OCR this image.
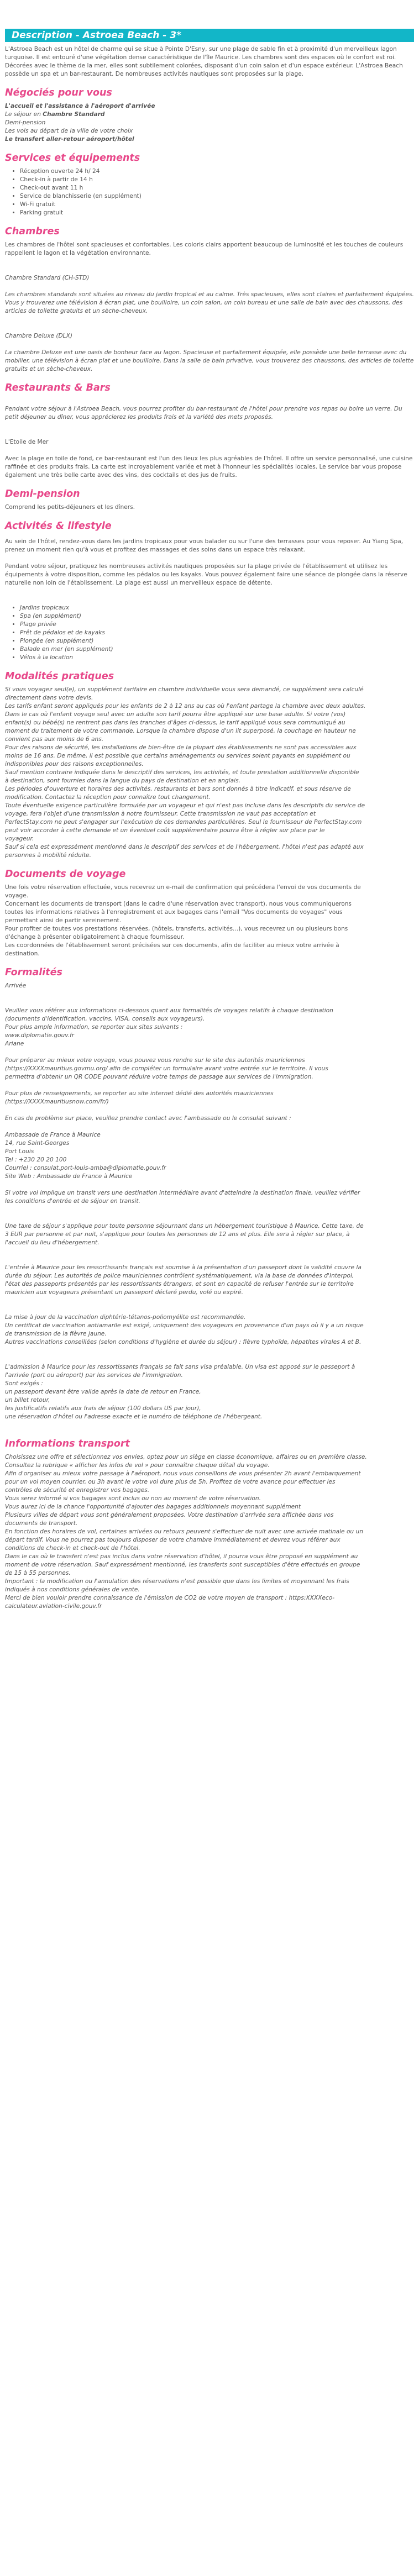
Description - Astroea Beach - 3*

L'Astroea Beach est un hôtel de charme qui se situe à Pointe D'Esny, sur une plage de sable fin et à proximité d'un merveilleux lagon turquoise. Il est entouré d'une végétation dense caractéristique de l'île Maurice. Les chambres sont des espaces où le confort est roi. Décorées avec le thème de la mer, elles sont subtilement colorées, disposant d'un coin salon et d'un espace extérieur. L'Astroea Beach possède un spa et un bar-restaurant. De nombreuses activités nautiques sont proposées sur la plage.

Négociés pour vous
L'accueil et l'assistance à l'aéroport d'arrivée
Le séjour en Chambre Standard
Demi-pension
Les vols au départ de la ville de votre choix
Le transfert aller-retour aéroport/hôtel
Services et équipements
• Réception ouverte 24 h/ 24
• Check-in à partir de 14 h
• Check-out avant 11 h
• Service de blanchisserie (en supplément)
• Wi-Fi gratuit
• Parking gratuit
Chambres

Les chambres de l'hôtel sont spacieuses et confortables. Les coloris clairs apportent beaucoup de luminosité et les touches de couleurs rappellent le lagon et la végétation environnante.

Chambre Standard (CH-STD)

Les chambres standards sont situées au niveau du jardin tropical et au calme. Très spacieuses, elles sont claires et parfaitement équipées. Vous y trouverez une télévision à écran plat, une bouilloire, un coin salon, un coin bureau et une salle de bain avec des chaussons, des articles de toilette gratuits et un sèche-cheveux.

Chambre Deluxe (DLX)

La chambre Deluxe est une oasis de bonheur face au lagon. Spacieuse et parfaitement équipée, elle possède une belle terrasse avec du mobilier, une télévision à écran plat et une bouilloire. Dans la salle de bain privative, vous trouverez des chaussons, des articles de toilette gratuits et un sèche-cheveux.

Restaurants & Bars

Pendant votre séjour à l'Astroea Beach, vous pourrez profiter du bar-restaurant de l'hôtel pour prendre vos repas ou boire un verre. Du petit déjeuner au dîner, vous apprécierez les produits frais et la variété des mets proposés.

L'Etoile de Mer

Avec la plage en toile de fond, ce bar-restaurant est l'un des lieux les plus agréables de l'hôtel. Il offre un service personnalisé, une cuisine raffinée et des produits frais. La carte est incroyablement variée et met à l'honneur les spécialités locales. Le service bar vous propose également une très belle carte avec des vins, des cocktails et des jus de fruits.

Demi-pension

Comprend les petits-déjeuners et les dîners.

Activités & lifestyle

Au sein de l'hôtel, rendez-vous dans les jardins tropicaux pour vous balader ou sur l'une des terrasses pour vous reposer. Au Yiang Spa, prenez un moment rien qu'à vous et profitez des massages et des soins dans un espace très relaxant.

Pendant votre séjour, pratiquez les nombreuses activités nautiques proposées sur la plage privée de l'établissement et utilisez les équipements à votre disposition, comme les pédalos ou les kayaks. Vous pouvez également faire une séance de plongée dans la réserve naturelle non loin de l'établissement. La plage est aussi un merveilleux espace de détente.

• Jardins tropicaux
• Spa (en supplément)
• Plage privée
• Prêt de pédalos et de kayaks
• Plongée (en supplément)
• Balade en mer (en supplément)
• Vélos à la location
Modalités pratiques
Si vous voyagez seul(e), un supplément tarifaire en chambre individuelle vous sera demandé, ce supplément sera calculé
directement dans votre devis.
Les tarifs enfant seront appliqués pour les enfants de 2 à 12 ans au cas où l'enfant partage la chambre avec deux adultes.
Dans le cas où l'enfant voyage seul avec un adulte son tarif pourra être appliqué sur une base adulte. Si votre (vos)
enfant(s) ou bébé(s) ne rentrent pas dans les tranches d'âges ci-dessus, le tarif appliqué vous sera communiqué au
moment du traitement de votre commande. Lorsque la chambre dispose d'un lit superposé, la couchage en hauteur ne
convient pas aux moins de 6 ans.
Pour des raisons de sécurité, les installations de bien-être de la plupart des établissements ne sont pas accessibles aux
moins de 16 ans. De même, il est possible que certains aménagements ou services soient payants en supplément ou
indisponibles pour des raisons exceptionnelles.
Sauf mention contraire indiquée dans le descriptif des services, les activités, et toute prestation additionnelle disponible
à destination, sont fournies dans la langue du pays de destination et en anglais.
Les périodes d'ouverture et horaires des activités, restaurants et bars sont donnés à titre indicatif, et sous réserve de
modification. Contactez la réception pour connaître tout changement.
Toute éventuelle exigence particulière formulée par un voyageur et qui n'est pas incluse dans les descriptifs du service de
voyage, fera l'objet d'une transmission à notre fournisseur. Cette transmission ne vaut pas acceptation et
PerfectStay.com ne peut s'engager sur l'exécution de ces demandes particulières. Seul le fournisseur de PerfectStay.com
peut voir accorder à cette demande et un éventuel coût supplémentaire pourra être à régler sur place par le
voyageur.
Sauf si cela est expressément mentionné dans le descriptif des services et de l'hébergement, l'hôtel n'est pas adapté aux
personnes à mobilité réduite.
Documents de voyage
Une fois votre réservation effectuée, vous recevrez un e-mail de confirmation qui précédera l'envoi de vos documents de
voyage.
Concernant les documents de transport (dans le cadre d'une réservation avec transport), nous vous communiquerons
toutes les informations relatives à l'enregistrement et aux bagages dans l'email "Vos documents de voyages" vous
permettant ainsi de partir sereinement.
Pour profiter de toutes vos prestations réservées, (hôtels, transferts, activités...), vous recevrez un ou plusieurs bons
d'échange à présenter obligatoirement à chaque fournisseur.
Les coordonnées de l'établissement seront précisées sur ces documents, afin de faciliter au mieux votre arrivée à
destination.
Formalités

Arrivée

Veuillez vous référer aux informations ci-dessous quant aux formalités de voyages relatifs à chaque destination
(documents d'identification, vaccins, VISA, conseils aux voyageurs).
Pour plus ample information, se reporter aux sites suivants :
www.diplomatie.gouv.fr
Ariane
Pour préparer au mieux votre voyage, vous pouvez vous rendre sur le site des autorités mauriciennes
(https://XXXXmauritius.govmu.org/ afin de compléter un formulaire avant votre entrée sur le territoire. Il vous
permettra d'obtenir un QR CODE pouvant réduire votre temps de passage aux services de l'immigration.
Pour plus de renseignements, se reporter au site internet dédié des autorités mauriciennes
(https://XXXXmauritiusnow.com/fr/)
En cas de problème sur place, veuillez prendre contact avec l'ambassade ou le consulat suivant :
Ambassade de France à Maurice
14, rue Saint-Georges
Port Louis
Tel : +230 20 20 100
Courriel : consulat.port-louis-amba@diplomatie.gouv.fr
Site Web : Ambassade de France à Maurice
Si votre vol implique un transit vers une destination intermédiaire avant d'atteindre la destination finale, veuillez vérifier
les conditions d'entrée et de séjour en transit.
Une taxe de séjour s'applique pour toute personne séjournant dans un hébergement touristique à Maurice. Cette taxe, de
3 EUR par personne et par nuit, s'applique pour toutes les personnes de 12 ans et plus. Elle sera à régler sur place, à
l'accueil du lieu d'hébergement.
L'entrée à Maurice pour les ressortissants français est soumise à la présentation d'un passeport dont la validité couvre la
durée du séjour. Les autorités de police mauriciennes contrôlent systématiquement, via la base de données d'Interpol,
l'état des passeports présentés par les ressortissants étrangers, et sont en capacité de refuser l'entrée sur le territoire
mauricien aux voyageurs présentant un passeport déclaré perdu, volé ou expiré.
La mise à jour de la vaccination diphtérie-tétanos-poliomyélite est recommandée.
Un certificat de vaccination antiamarile est exigé, uniquement des voyageurs en provenance d'un pays où il y a un risque
de transmission de la fièvre jaune.
Autres vaccinations conseillées (selon conditions d'hygiène et durée du séjour) : fièvre typhoïde, hépatites virales A et B.
L'admission à Maurice pour les ressortissants français se fait sans visa préalable. Un visa est apposé sur le passeport à
l'arrivée (port ou aéroport) par les services de l'immigration.
Sont exigés :
un passeport devant être valide après la date de retour en France,
un billet retour,
les justificatifs relatifs aux frais de séjour (100 dollars US par jour),
une réservation d'hôtel ou l'adresse exacte et le numéro de téléphone de l'hébergeant.
Informations transport
Choisissez une offre et sélectionnez vos envies, optez pour un siège en classe économique, affaires ou en première classe.
Consultez la rubrique « afficher les infos de vol » pour connaître chaque détail du voyage.
Afin d'organiser au mieux votre passage à l'aéroport, nous vous conseillons de vous présenter 2h avant l'embarquement
pour un vol moyen courrier, ou 3h avant le votre vol dure plus de 5h. Profitez de votre avance pour effectuer les
contrôles de sécurité et enregistrer vos bagages.
Vous serez informé si vos bagages sont inclus ou non au moment de votre réservation.
Vous aurez ici de la chance l'opportunité d'ajouter des bagages additionnels moyennant supplément
Plusieurs villes de départ vous sont généralement proposées. Votre destination d'arrivée sera affichée dans vos
documents de transport.
En fonction des horaires de vol, certaines arrivées ou retours peuvent s'effectuer de nuit avec une arrivée matinale ou un
départ tardif. Vous ne pourrez pas toujours disposer de votre chambre immédiatement et devrez vous référer aux
conditions de check-in et check-out de l'hôtel.
Dans le cas où le transfert n'est pas inclus dans votre réservation d'hôtel, il pourra vous être proposé en supplément au
moment de votre réservation. Sauf expressément mentionné, les transferts sont susceptibles d'être effectués en groupe
de 15 à 55 personnes.
Important : la modification ou l'annulation des réservations n'est possible que dans les limites et moyennant les frais
indiqués à nos conditions générales de vente.
Merci de bien vouloir prendre connaissance de l'émission de CO2 de votre moyen de transport : https:XXXXeco-
calculateur.aviation-civile.gouv.fr
